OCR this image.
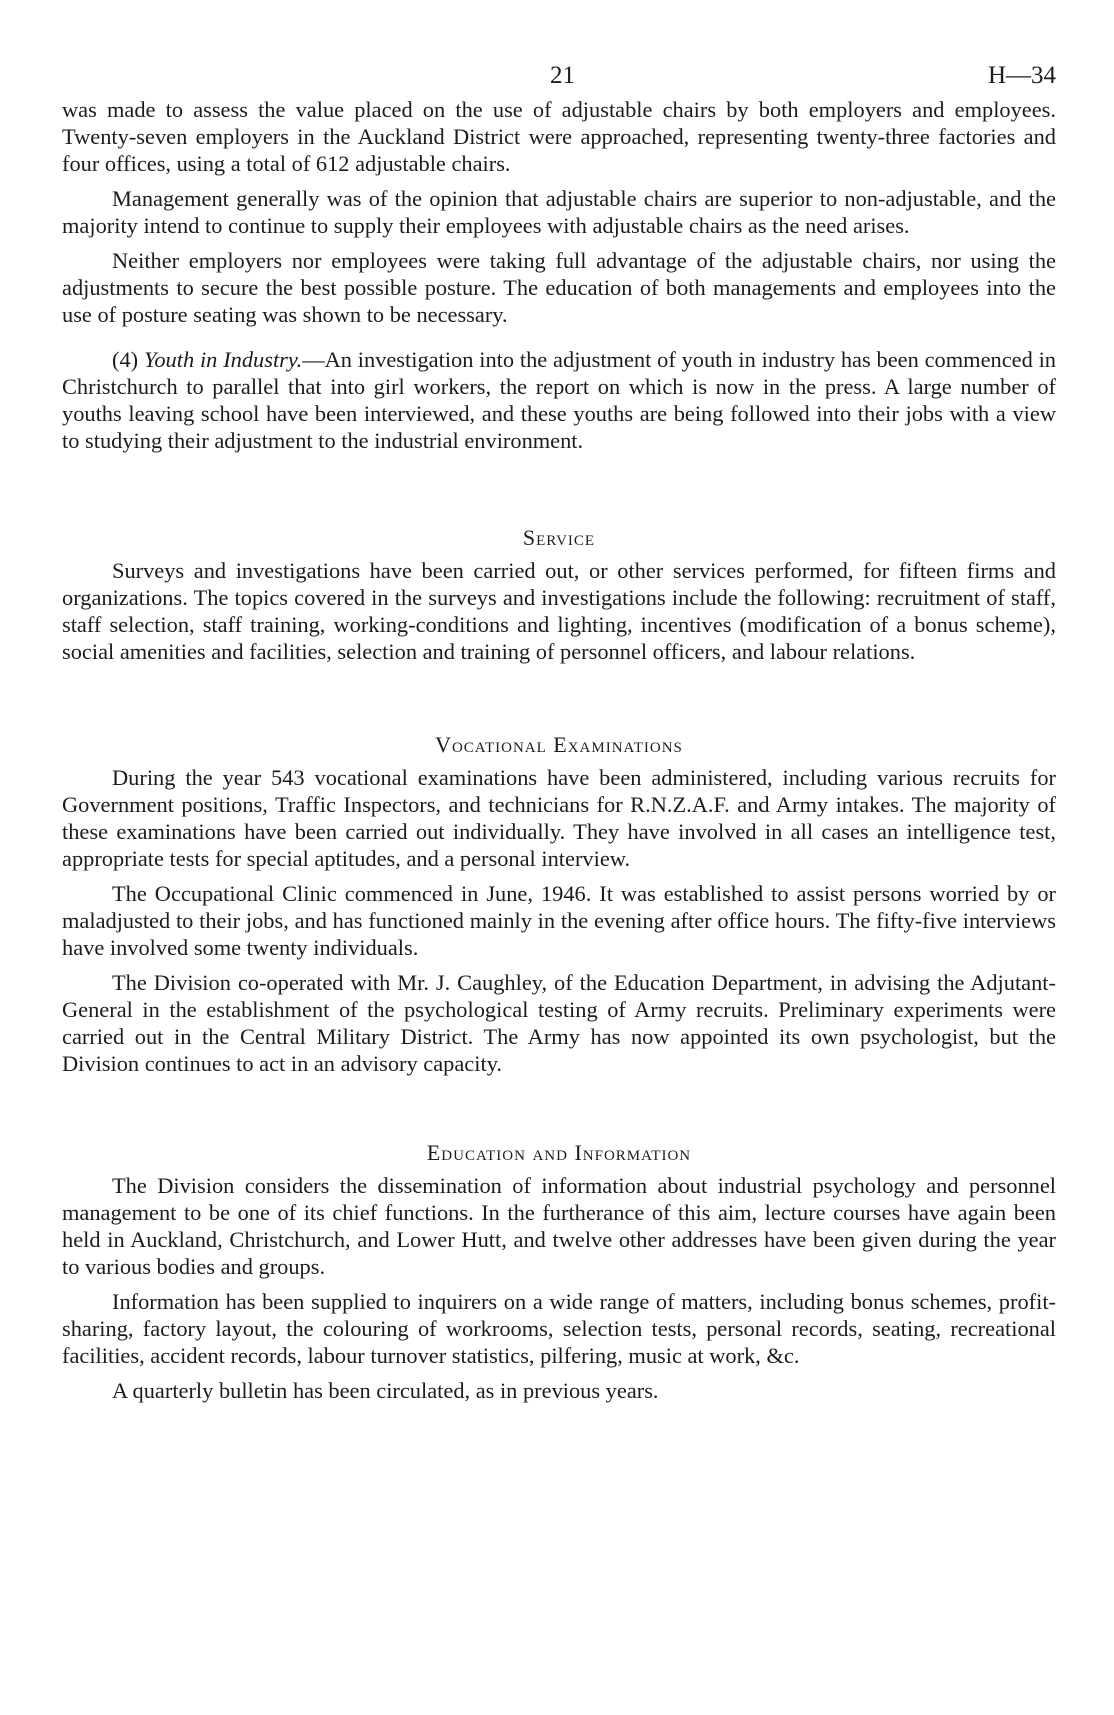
21	H—34

was made to assess the value placed on the use of adjustable chairs by both employers and employees. Twenty-seven employers in the Auckland District were approached, representing twenty-three factories and four offices, using a total of 612 adjustable chairs.

Management generally was of the opinion that adjustable chairs are superior to non-adjustable, and the majority intend to continue to supply their employees with adjustable chairs as the need arises.

Neither employers nor employees were taking full advantage of the adjustable chairs, nor using the adjustments to secure the best possible posture. The education of both managements and employees into the use of posture seating was shown to be necessary.

(4) Youth in Industry.—An investigation into the adjustment of youth in industry has been commenced in Christchurch to parallel that into girl workers, the report on which is now in the press. A large number of youths leaving school have been interviewed, and these youths are being followed into their jobs with a view to studying their adjustment to the industrial environment.

Service

Surveys and investigations have been carried out, or other services performed, for fifteen firms and organizations. The topics covered in the surveys and investigations include the following: recruitment of staff, staff selection, staff training, working-conditions and lighting, incentives (modification of a bonus scheme), social amenities and facilities, selection and training of personnel officers, and labour relations.

Vocational Examinations

During the year 543 vocational examinations have been administered, including various recruits for Government positions, Traffic Inspectors, and technicians for R.N.Z.A.F. and Army intakes. The majority of these examinations have been carried out individually. They have involved in all cases an intelligence test, appropriate tests for special aptitudes, and a personal interview.

The Occupational Clinic commenced in June, 1946. It was established to assist persons worried by or maladjusted to their jobs, and has functioned mainly in the evening after office hours. The fifty-five interviews have involved some twenty individuals.

The Division co-operated with Mr. J. Caughley, of the Education Department, in advising the Adjutant-General in the establishment of the psychological testing of Army recruits. Preliminary experiments were carried out in the Central Military District. The Army has now appointed its own psychologist, but the Division continues to act in an advisory capacity.

Education and Information

The Division considers the dissemination of information about industrial psychology and personnel management to be one of its chief functions. In the furtherance of this aim, lecture courses have again been held in Auckland, Christchurch, and Lower Hutt, and twelve other addresses have been given during the year to various bodies and groups.

Information has been supplied to inquirers on a wide range of matters, including bonus schemes, profit-sharing, factory layout, the colouring of workrooms, selection tests, personal records, seating, recreational facilities, accident records, labour turnover statistics, pilfering, music at work, &c.

A quarterly bulletin has been circulated, as in previous years.
